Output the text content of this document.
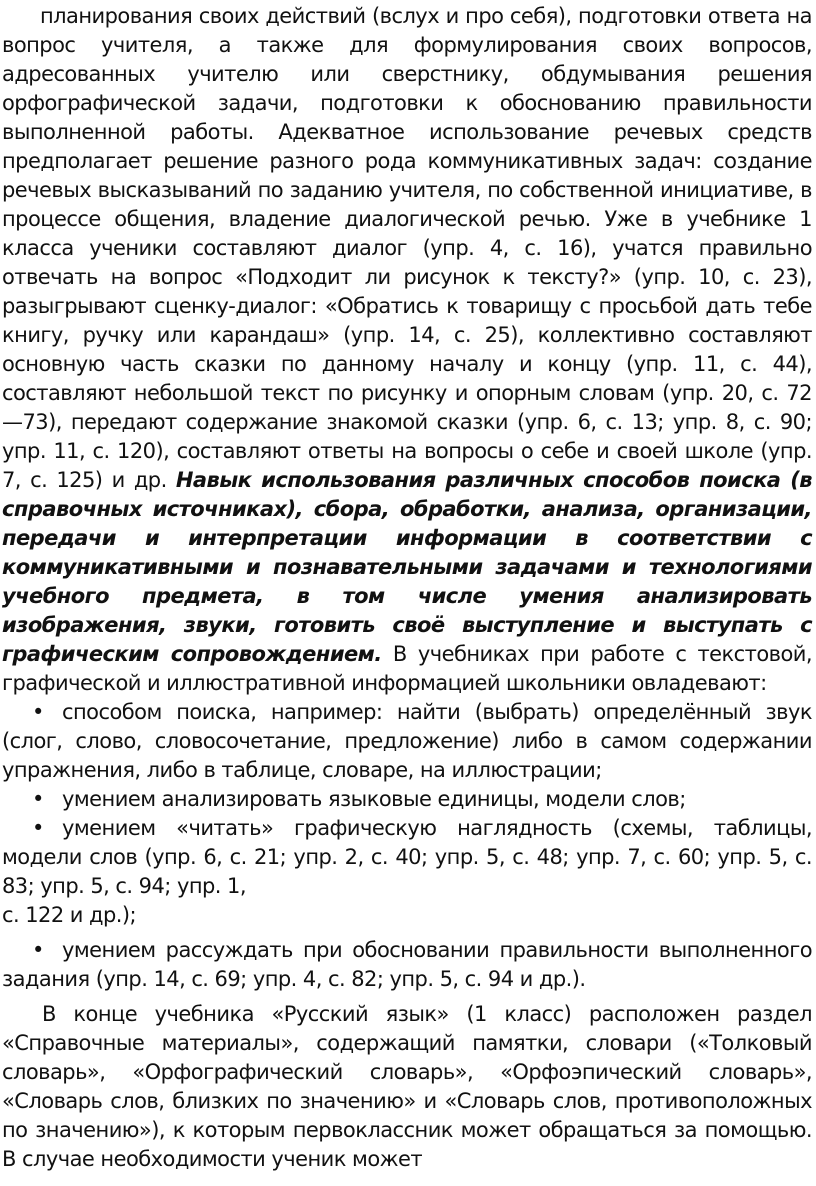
планирования своих действий (вслух и про себя), подготовки ответа на вопрос учителя, а также для формулирования своих вопросов, адресованных учителю или сверстнику, обдумывания решения орфографической задачи, подготовки к обоснованию правильности выполненной работы. Адекватное использование речевых средств предполагает решение разного рода коммуникативных задач: создание речевых высказываний по заданию учителя, по собственной инициативе, в процессе общения, владение диалогической речью. Уже в учебнике 1 класса ученики составляют диалог (упр. 4, с. 16), учатся правильно отвечать на вопрос «Подходит ли рисунок к тексту?» (упр. 10, с. 23), разыгрывают сценку-диалог: «Обратись к товарищу с просьбой дать тебе книгу, ручку или карандаш» (упр. 14, с. 25), коллективно составляют основную часть сказки по данному началу и концу (упр. 11, с. 44), составляют небольшой текст по рисунку и опорным словам (упр. 20, с. 72—73), передают содержание знакомой сказки (упр. 6, с. 13; упр. 8, с. 90; упр. 11, с. 120), составляют ответы на вопросы о себе и своей школе (упр. 7, с. 125) и др. Навык использования различных способов поиска (в справочных источниках), сбора, обработки, анализа, организации, передачи и интерпретации информации в соответствии с коммуникативными и познавательными задачами и технологиями учебного предмета, в том числе умения анализировать изображения, звуки, готовить своё выступление и выступать с графическим сопровождением. В учебниках при работе с текстовой, графической и иллюстративной информацией школьники овладевают:

• способом поиска, например: найти (выбрать) определённый звук (слог, слово, словосочетание, предложение) либо в самом содержании упражнения, либо в таблице, словаре, на иллюстрации;

• умением анализировать языковые единицы, модели слов;

• умением «читать» графическую наглядность (схемы, таблицы, модели слов (упр. 6, с. 21; упр. 2, с. 40; упр. 5, с. 48; упр. 7, с. 60; упр. 5, с. 83; упр. 5, с. 94; упр. 1,

с. 122 и др.);

• умением рассуждать при обосновании правильности выполненного задания (упр. 14, с. 69; упр. 4, с. 82; упр. 5, с. 94 и др.).

В конце учебника «Русский язык» (1 класс) расположен раздел «Справочные материалы», содержащий памятки, словари («Толковый словарь», «Орфографический словарь», «Орфоэпический словарь», «Словарь слов, близких по значению» и «Словарь слов, противоположных по значению»), к которым первоклассник может обращаться за помощью. В случае необходимости ученик может
